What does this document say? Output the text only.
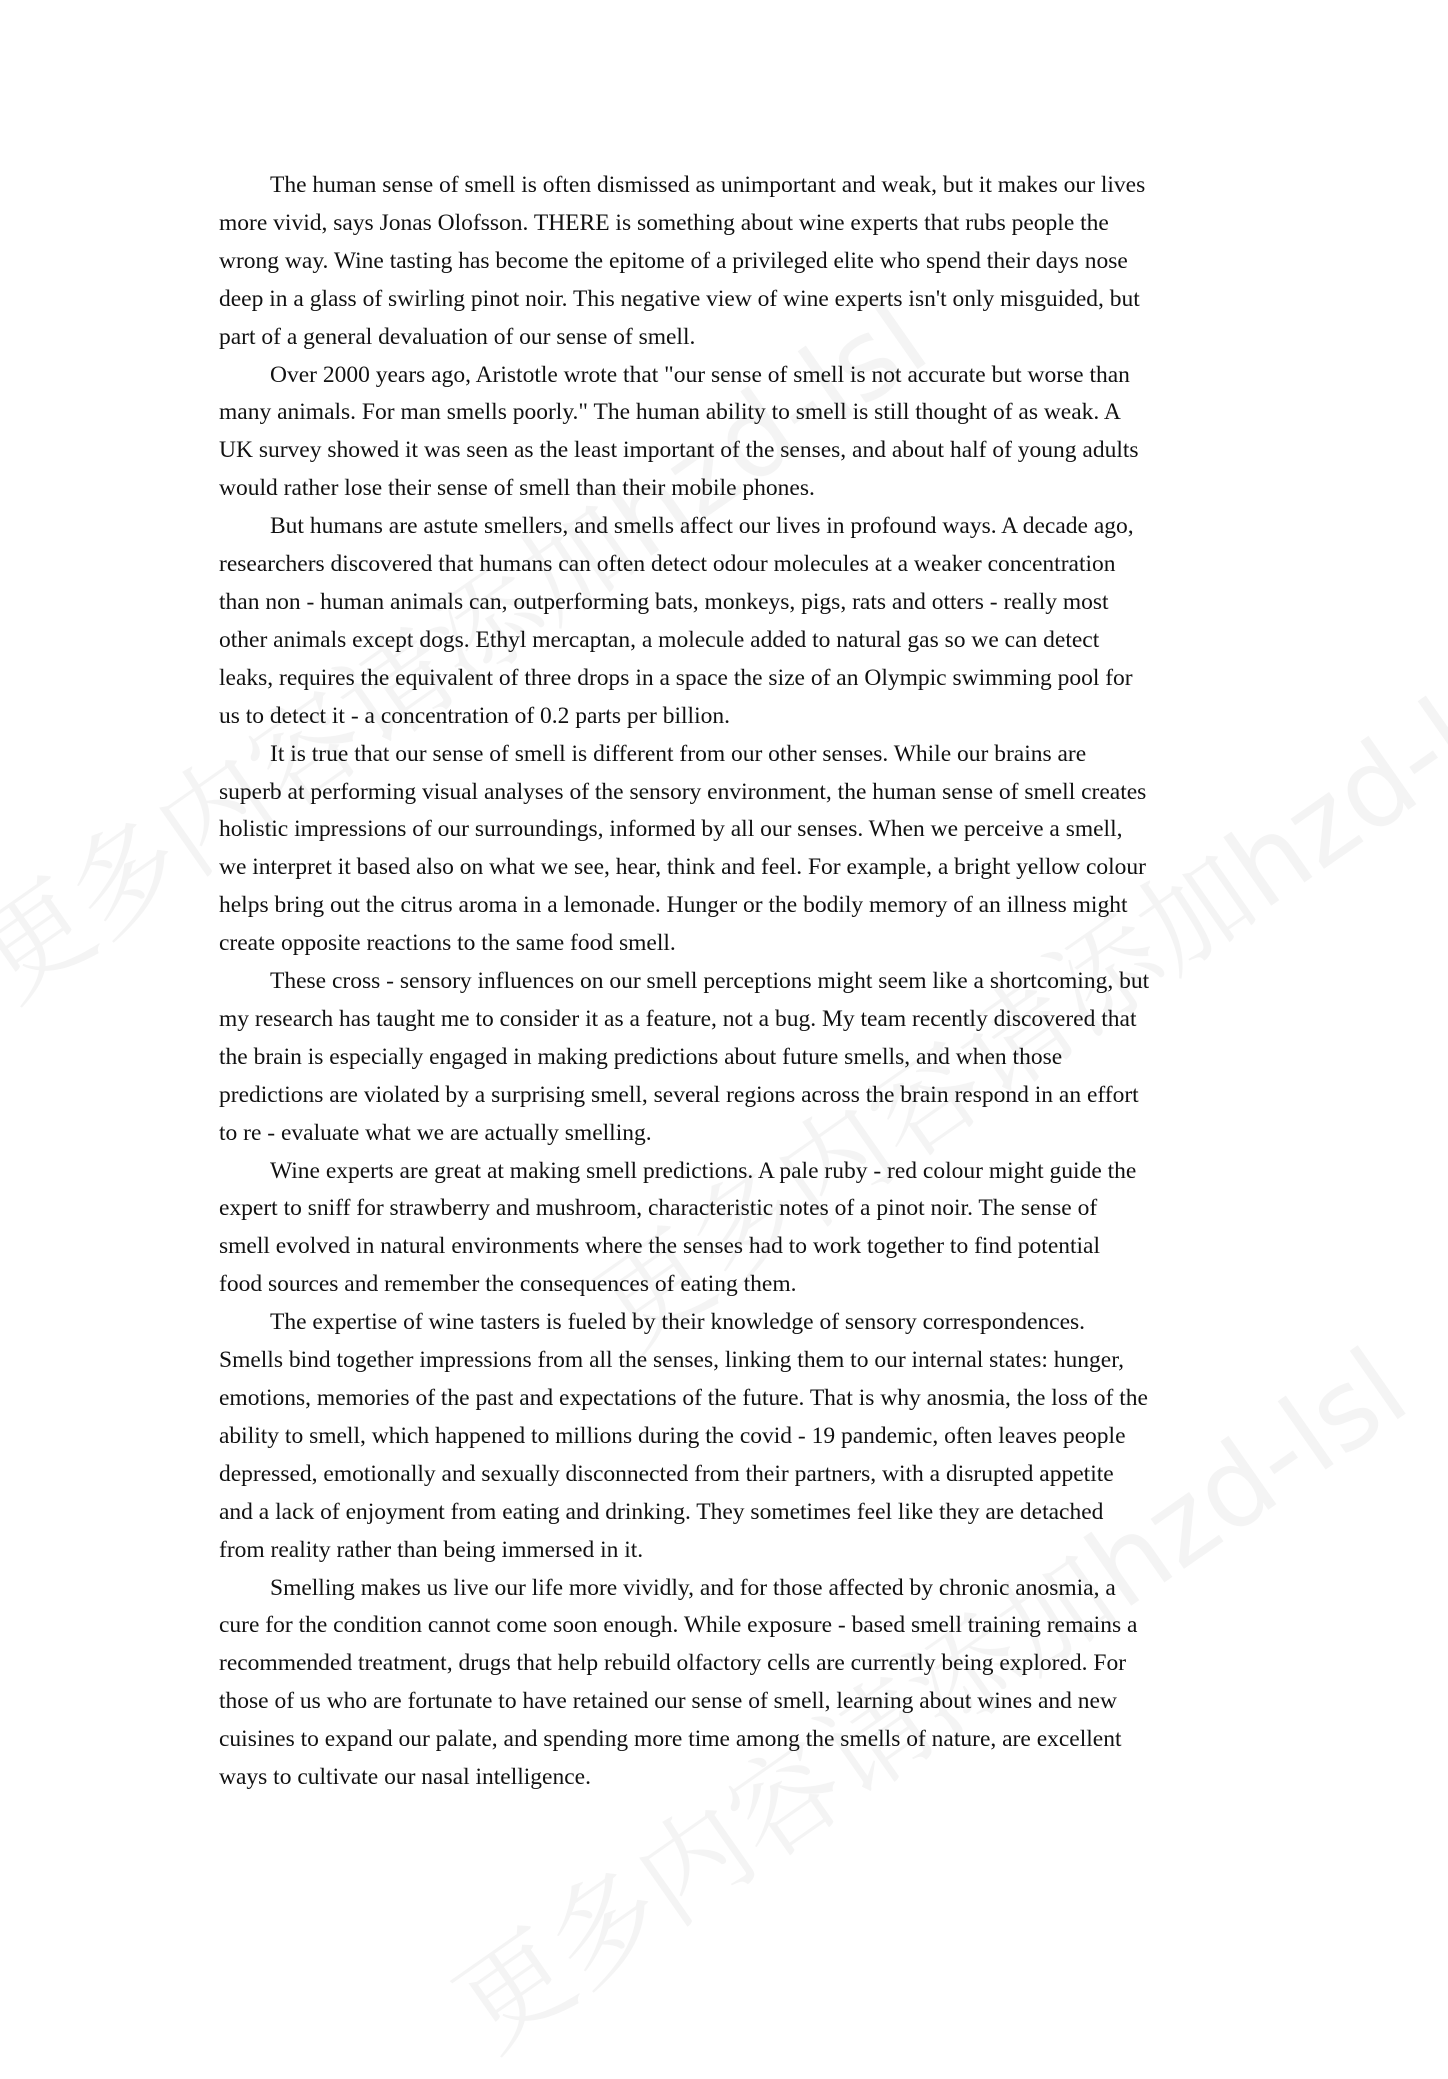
The human sense of smell is often dismissed as unimportant and weak, but it makes our lives
more vivid, says Jonas Olofsson. THERE is something about wine experts that rubs people the
wrong way. Wine tasting has become the epitome of a privileged elite who spend their days nose
deep in a glass of swirling pinot noir. This negative view of wine experts isn't only misguided, but
part of a general devaluation of our sense of smell.
Over 2000 years ago, Aristotle wrote that "our sense of smell is not accurate but worse than
many animals. For man smells poorly." The human ability to smell is still thought of as weak. A
UK survey showed it was seen as the least important of the senses, and about half of young adults
would rather lose their sense of smell than their mobile phones.
But humans are astute smellers, and smells affect our lives in profound ways. A decade ago,
researchers discovered that humans can often detect odour molecules at a weaker concentration
than non - human animals can, outperforming bats, monkeys, pigs, rats and otters - really most
other animals except dogs. Ethyl mercaptan, a molecule added to natural gas so we can detect
leaks, requires the equivalent of three drops in a space the size of an Olympic swimming pool for
us to detect it - a concentration of 0.2 parts per billion.
It is true that our sense of smell is different from our other senses. While our brains are
superb at performing visual analyses of the sensory environment, the human sense of smell creates
holistic impressions of our surroundings, informed by all our senses. When we perceive a smell,
we interpret it based also on what we see, hear, think and feel. For example, a bright yellow colour
helps bring out the citrus aroma in a lemonade. Hunger or the bodily memory of an illness might
create opposite reactions to the same food smell.
These cross - sensory influences on our smell perceptions might seem like a shortcoming, but
my research has taught me to consider it as a feature, not a bug. My team recently discovered that
the brain is especially engaged in making predictions about future smells, and when those
predictions are violated by a surprising smell, several regions across the brain respond in an effort
to re - evaluate what we are actually smelling.
Wine experts are great at making smell predictions. A pale ruby - red colour might guide the
expert to sniff for strawberry and mushroom, characteristic notes of a pinot noir. The sense of
smell evolved in natural environments where the senses had to work together to find potential
food sources and remember the consequences of eating them.
The expertise of wine tasters is fueled by their knowledge of sensory correspondences.
Smells bind together impressions from all the senses, linking them to our internal states: hunger,
emotions, memories of the past and expectations of the future. That is why anosmia, the loss of the
ability to smell, which happened to millions during the covid - 19 pandemic, often leaves people
depressed, emotionally and sexually disconnected from their partners, with a disrupted appetite
and a lack of enjoyment from eating and drinking. They sometimes feel like they are detached
from reality rather than being immersed in it.
Smelling makes us live our life more vividly, and for those affected by chronic anosmia, a
cure for the condition cannot come soon enough. While exposure - based smell training remains a
recommended treatment, drugs that help rebuild olfactory cells are currently being explored. For
those of us who are fortunate to have retained our sense of smell, learning about wines and new
cuisines to expand our palate, and spending more time among the smells of nature, are excellent
ways to cultivate our nasal intelligence.
